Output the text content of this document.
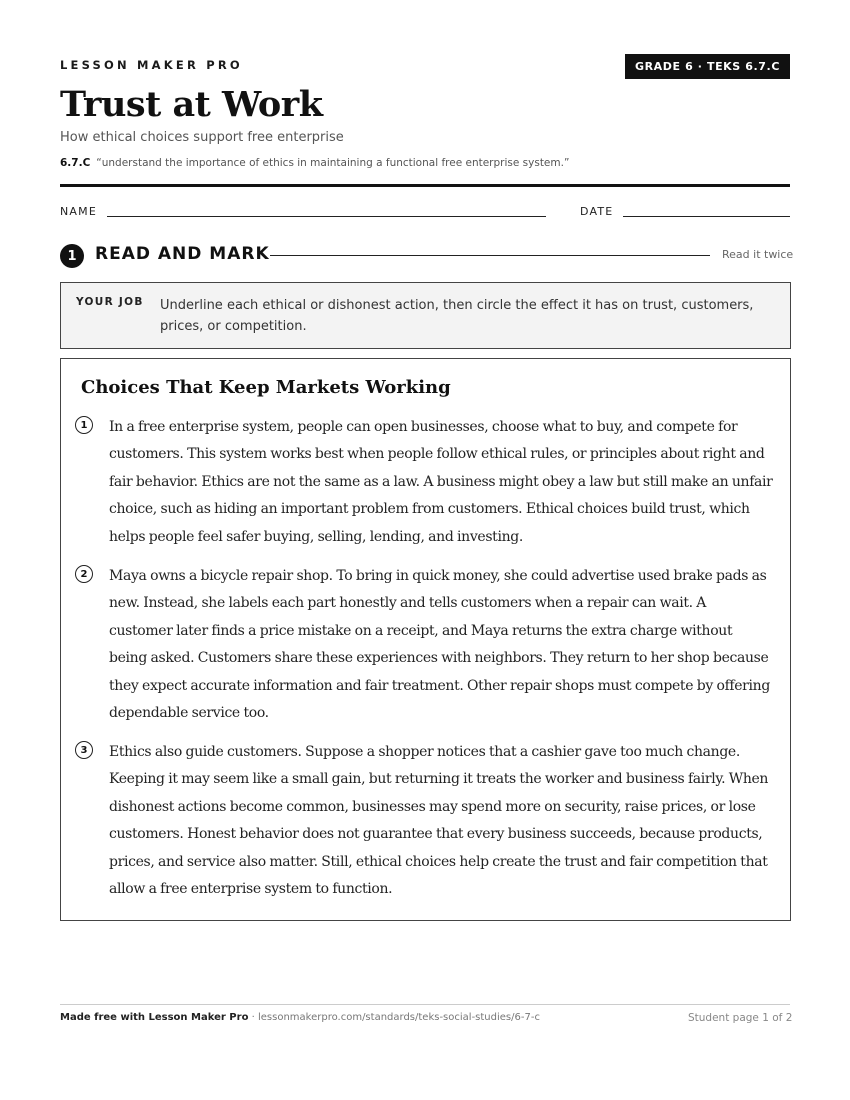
LESSON MAKER PRO	GRADE 6 · TEKS 6.7.C
Trust at Work
How ethical choices support free enterprise
6.7.C “understand the importance of ethics in maintaining a functional free enterprise system.”
NAME	DATE
1	READ AND MARK	Read it twice
YOUR JOB Underline each ethical or dishonest action, then circle the effect it has on trust, customers, prices, or competition.
Choices That Keep Markets Working
1	In a free enterprise system, people can open businesses, choose what to buy, and compete for customers. This system works best when people follow ethical rules, or principles about right and fair behavior. Ethics are not the same as a law. A business might obey a law but still make an unfair choice, such as hiding an important problem from customers. Ethical choices build trust, which helps people feel safer buying, selling, lending, and investing.
2	Maya owns a bicycle repair shop. To bring in quick money, she could advertise used brake pads as new. Instead, she labels each part honestly and tells customers when a repair can wait. A customer later finds a price mistake on a receipt, and Maya returns the extra charge without being asked. Customers share these experiences with neighbors. They return to her shop because they expect accurate information and fair treatment. Other repair shops must compete by offering dependable service too.
3	Ethics also guide customers. Suppose a shopper notices that a cashier gave too much change. Keeping it may seem like a small gain, but returning it treats the worker and business fairly. When dishonest actions become common, businesses may spend more on security, raise prices, or lose customers. Honest behavior does not guarantee that every business succeeds, because products, prices, and service also matter. Still, ethical choices help create the trust and fair competition that allow a free enterprise system to function.
Made free with Lesson Maker Pro · lessonmakerpro.com/standards/teks-social-studies/6-7-c	Student page 1 of 2
